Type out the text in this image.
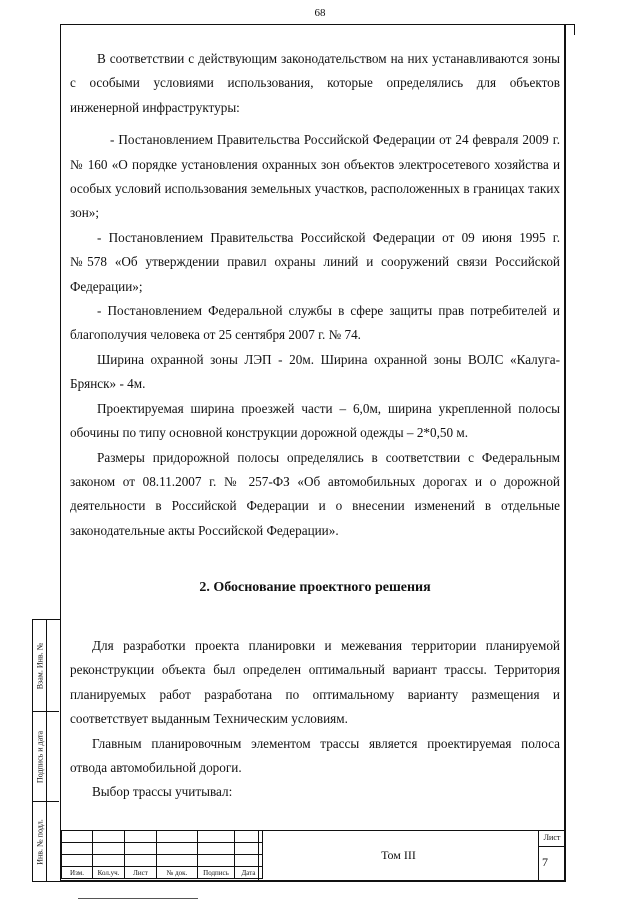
68
Взам. Инв. №
Подпись и дата
Инв. № подл.

В соответствии с действующим законодательством на них устанавливаются зоны с особыми условиями использования, которые определялись для объектов инженерной инфраструктуры:

- Постановлением Правительства Российской Федерации от 24 февраля 2009 г. № 160 «О порядке установления охранных зон объектов электросетевого хозяйства и особых условий использования земельных участков, расположенных в границах таких зон»;

- Постановлением Правительства Российской Федерации от 09 июня 1995 г. №578 «Об утверждении правил охраны линий и сооружений связи Российской Федерации»;

- Постановлением Федеральной службы в сфере защиты прав потребителей и благополучия человека от 25 сентября 2007 г. № 74.

Ширина охранной зоны ЛЭП - 20м. Ширина охранной зоны ВОЛС «Калуга-Брянск» - 4м.

Проектируемая ширина проезжей части – 6,0м, ширина укрепленной полосы обочины по типу основной конструкции дорожной одежды – 2*0,50 м.

Размеры придорожной полосы определялись в соответствии с Федеральным законом от 08.11.2007 г. № 257-ФЗ «Об автомобильных дорогах и о дорожной деятельности в Российской Федерации и о внесении изменений в отдельные законодательные акты Российской Федерации».

2. Обоснование проектного решения

Для разработки проекта планировки и межевания территории планируемой реконструкции объекта был определен оптимальный вариант трассы. Территория планируемых работ разработана по оптимальному варианту размещения и соответствует выданным Техническим условиям.

Главным планировочным элементом трассы является проектируемая полоса отвода автомобильной дороги.

Выбор трассы учитывал:

Изм.	Кол.уч.	Лист	№ док.	Подпись	Дата
Том III
Лист
7
